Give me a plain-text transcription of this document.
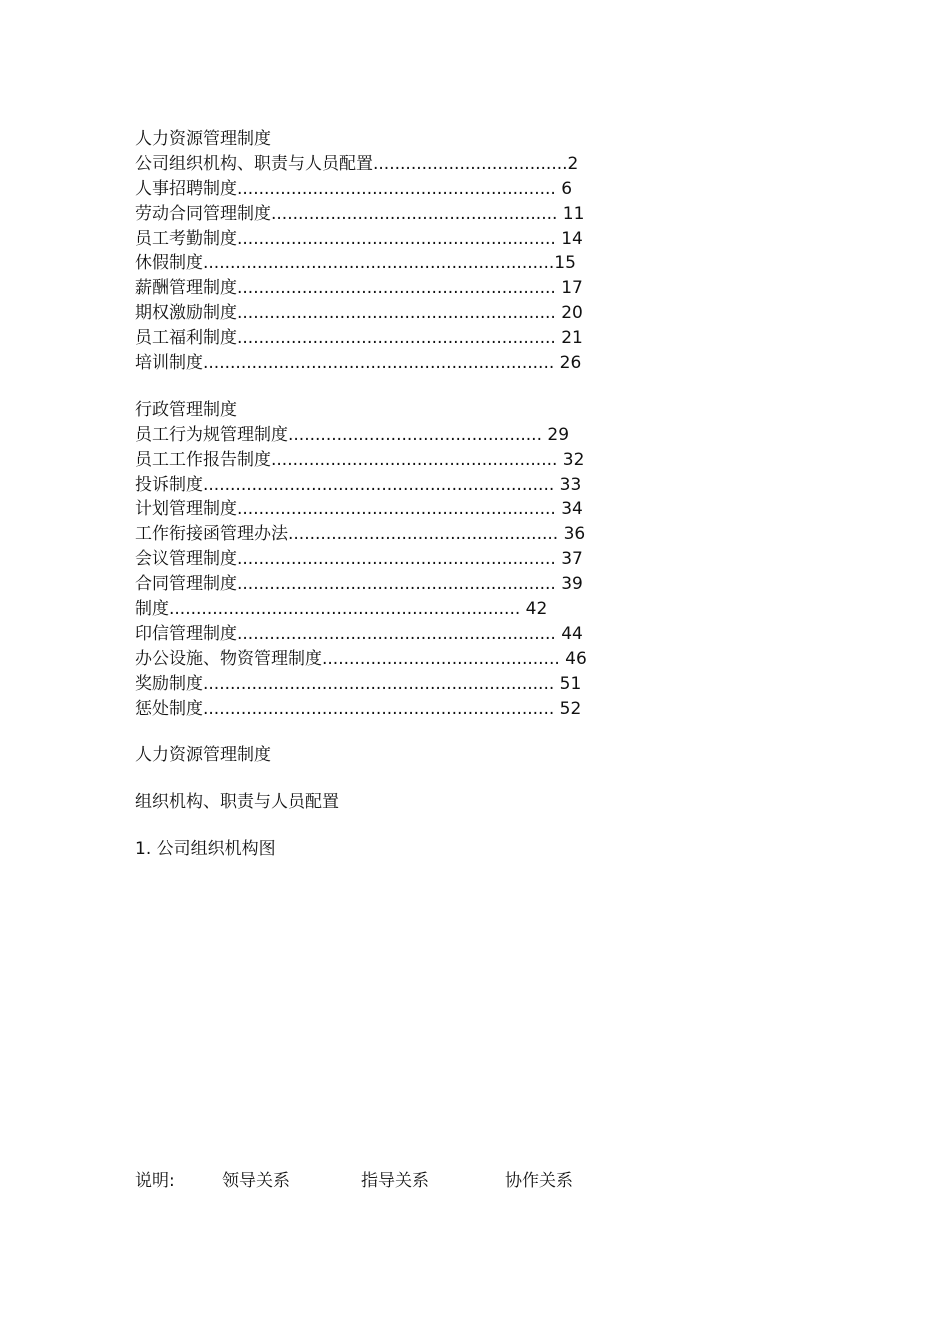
人力资源管理制度
公司组织机构、职责与人员配置....................................2
人事招聘制度........................................................... 6
劳动合同管理制度..................................................... 11
员工考勤制度........................................................... 14
休假制度.................................................................15
薪酬管理制度........................................................... 17
期权激励制度........................................................... 20
员工福利制度........................................................... 21
培训制度................................................................. 26
行政管理制度
员工行为规管理制度............................................... 29
员工工作报告制度..................................................... 32
投诉制度................................................................. 33
计划管理制度........................................................... 34
工作衔接函管理办法.................................................. 36
会议管理制度........................................................... 37
合同管理制度........................................................... 39
制度................................................................. 42
印信管理制度........................................................... 44
办公设施、物资管理制度............................................ 46
奖励制度................................................................. 51
惩处制度................................................................. 52
人力资源管理制度
组织机构、职责与人员配置
1. 公司组织机构图
说明:	领导关系	指导关系	协作关系
